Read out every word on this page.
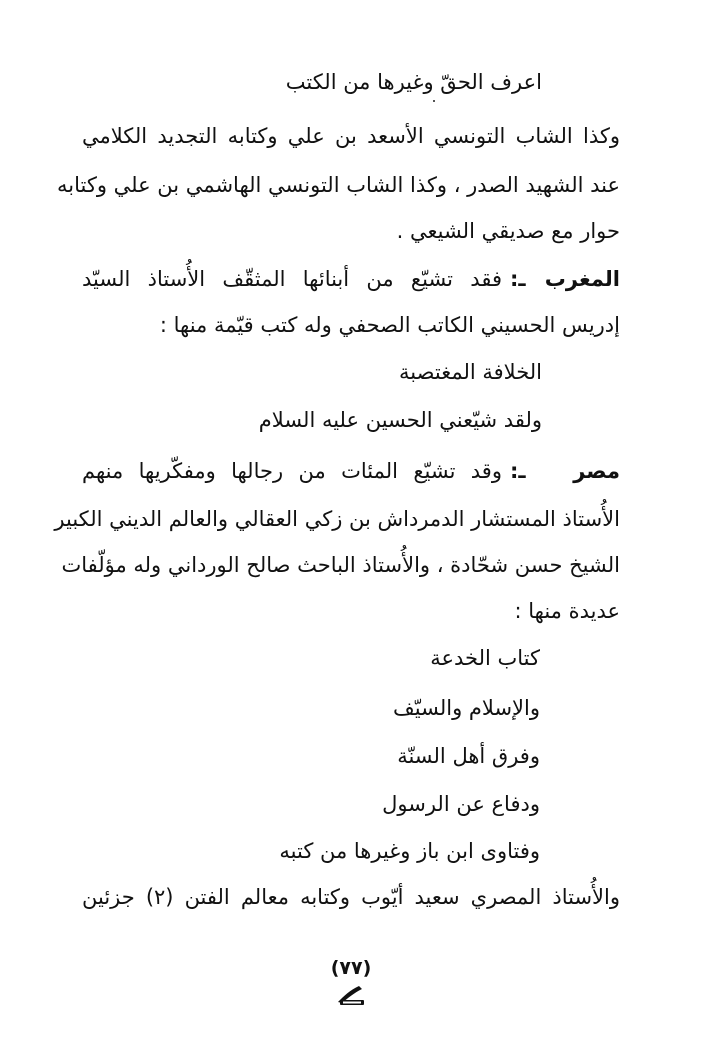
اعرف الحقّ وغيرها من الكتب
وكذا الشاب التونسي الأسعد بن علي وكتابه التجديد الكلامي
عند الشهيد الصدر ، وكذا الشاب التونسي الهاشمي بن علي وكتابه
حوار مع صديقي الشيعي .
المغرب ـ: فقد تشيّع من أبنائها المثقّف الأُستاذ السيّد
إدريس الحسيني الكاتب الصحفي وله كتب قيّمة منها :
الخلافة المغتصبة
ولقد شيّعني الحسين عليه السلام
مصر ـ: وقد تشيّع المئات من رجالها ومفكّريها منهم
الأُستاذ المستشار الدمرداش بن زكي العقالي والعالم الديني الكبير
الشيخ حسن شحّادة ، والأُستاذ الباحث صالح الورداني وله مؤلّفات
عديدة منها :
كتاب الخدعة
والإسلام والسيّف
وفرق أهل السنّة
ودفاع عن الرسول
وفتاوى ابن باز وغيرها من كتبه
والأُستاذ المصري سعيد أيّوب وكتابه معالم الفتن (٢) جزئين
(٧٧)
